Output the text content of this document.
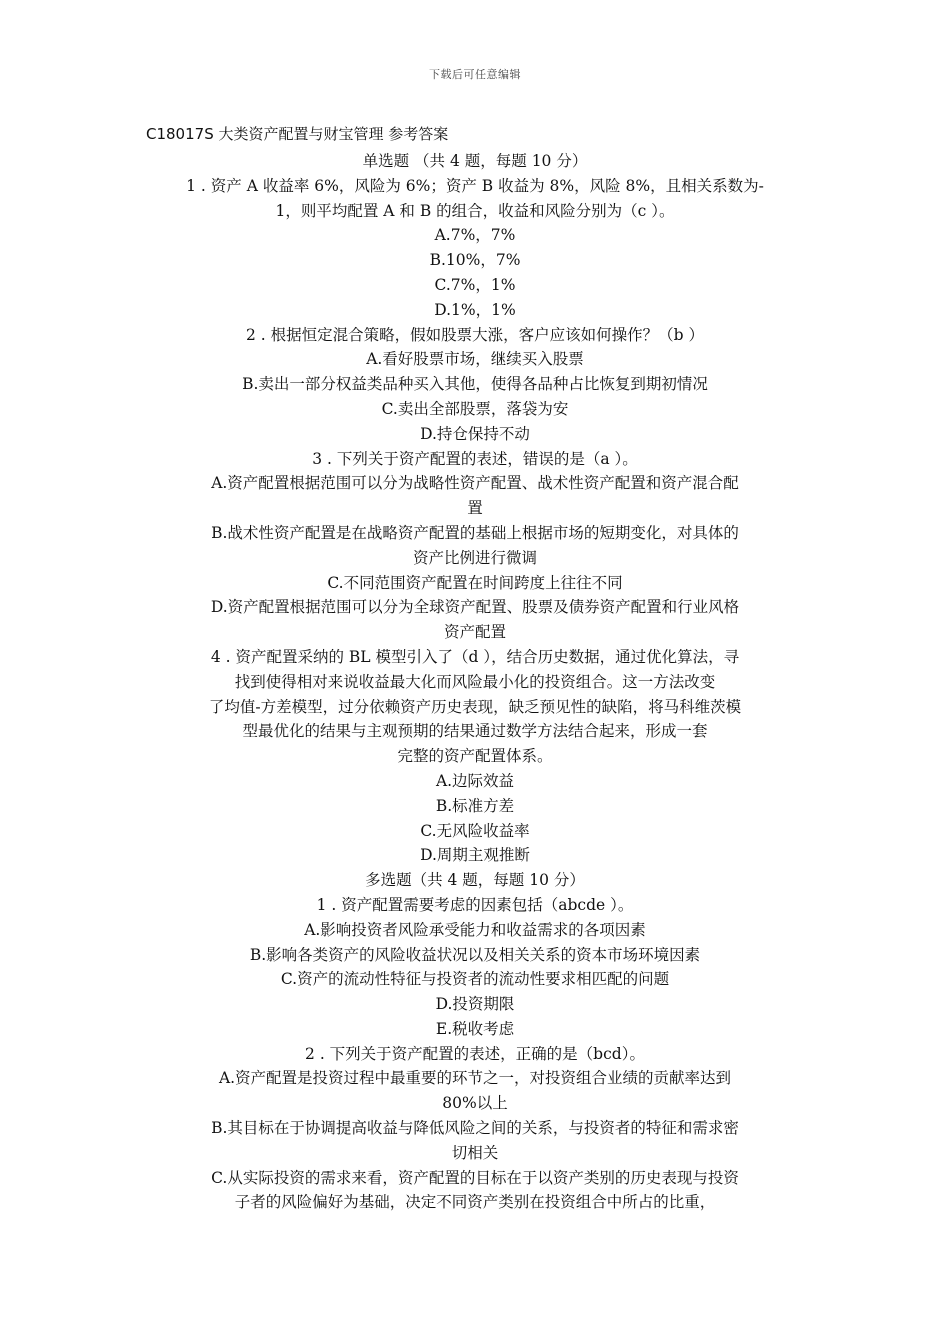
下载后可任意编辑
C18017S 大类资产配置与财宝管理 参考答案
单选题 （共 4 题，每题 10 分）
1 . 资产 A 收益率 6%，风险为 6%；资产 B 收益为 8%，风险 8%，且相关系数为-
1，则平均配置 A 和 B 的组合，收益和风险分别为（c ）。
A.7%，7%
B.10%，7%
C.7%，1%
D.1%，1%
2 . 根据恒定混合策略，假如股票大涨，客户应该如何操作？（b ）
A.看好股票市场，继续买入股票
B.卖出一部分权益类品种买入其他，使得各品种占比恢复到期初情况
C.卖出全部股票，落袋为安
D.持仓保持不动
3 . 下列关于资产配置的表述，错误的是（a ）。
A.资产配置根据范围可以分为战略性资产配置、战术性资产配置和资产混合配
置
B.战术性资产配置是在战略资产配置的基础上根据市场的短期变化，对具体的
资产比例进行微调
C.不同范围资产配置在时间跨度上往往不同
D.资产配置根据范围可以分为全球资产配置、股票及债券资产配置和行业风格
资产配置
4 . 资产配置采纳的 BL 模型引入了（d ），结合历史数据，通过优化算法，寻
找到使得相对来说收益最大化而风险最小化的投资组合。这一方法改变
了均值-方差模型，过分依赖资产历史表现，缺乏预见性的缺陷，将马科维茨模
型最优化的结果与主观预期的结果通过数学方法结合起来，形成一套
完整的资产配置体系。
A.边际效益
B.标准方差
C.无风险收益率
D.周期主观推断
多选题（共 4 题，每题 10 分）
1 . 资产配置需要考虑的因素包括（abcde ）。
A.影响投资者风险承受能力和收益需求的各项因素
B.影响各类资产的风险收益状况以及相关关系的资本市场环境因素
C.资产的流动性特征与投资者的流动性要求相匹配的问题
D.投资期限
E.税收考虑
2 . 下列关于资产配置的表述，正确的是（bcd）。
A.资产配置是投资过程中最重要的环节之一，对投资组合业绩的贡献率达到
80%以上
B.其目标在于协调提高收益与降低风险之间的关系，与投资者的特征和需求密
切相关
C.从实际投资的需求来看，资产配置的目标在于以资产类别的历史表现与投资
子者的风险偏好为基础，决定不同资产类别在投资组合中所占的比重，
